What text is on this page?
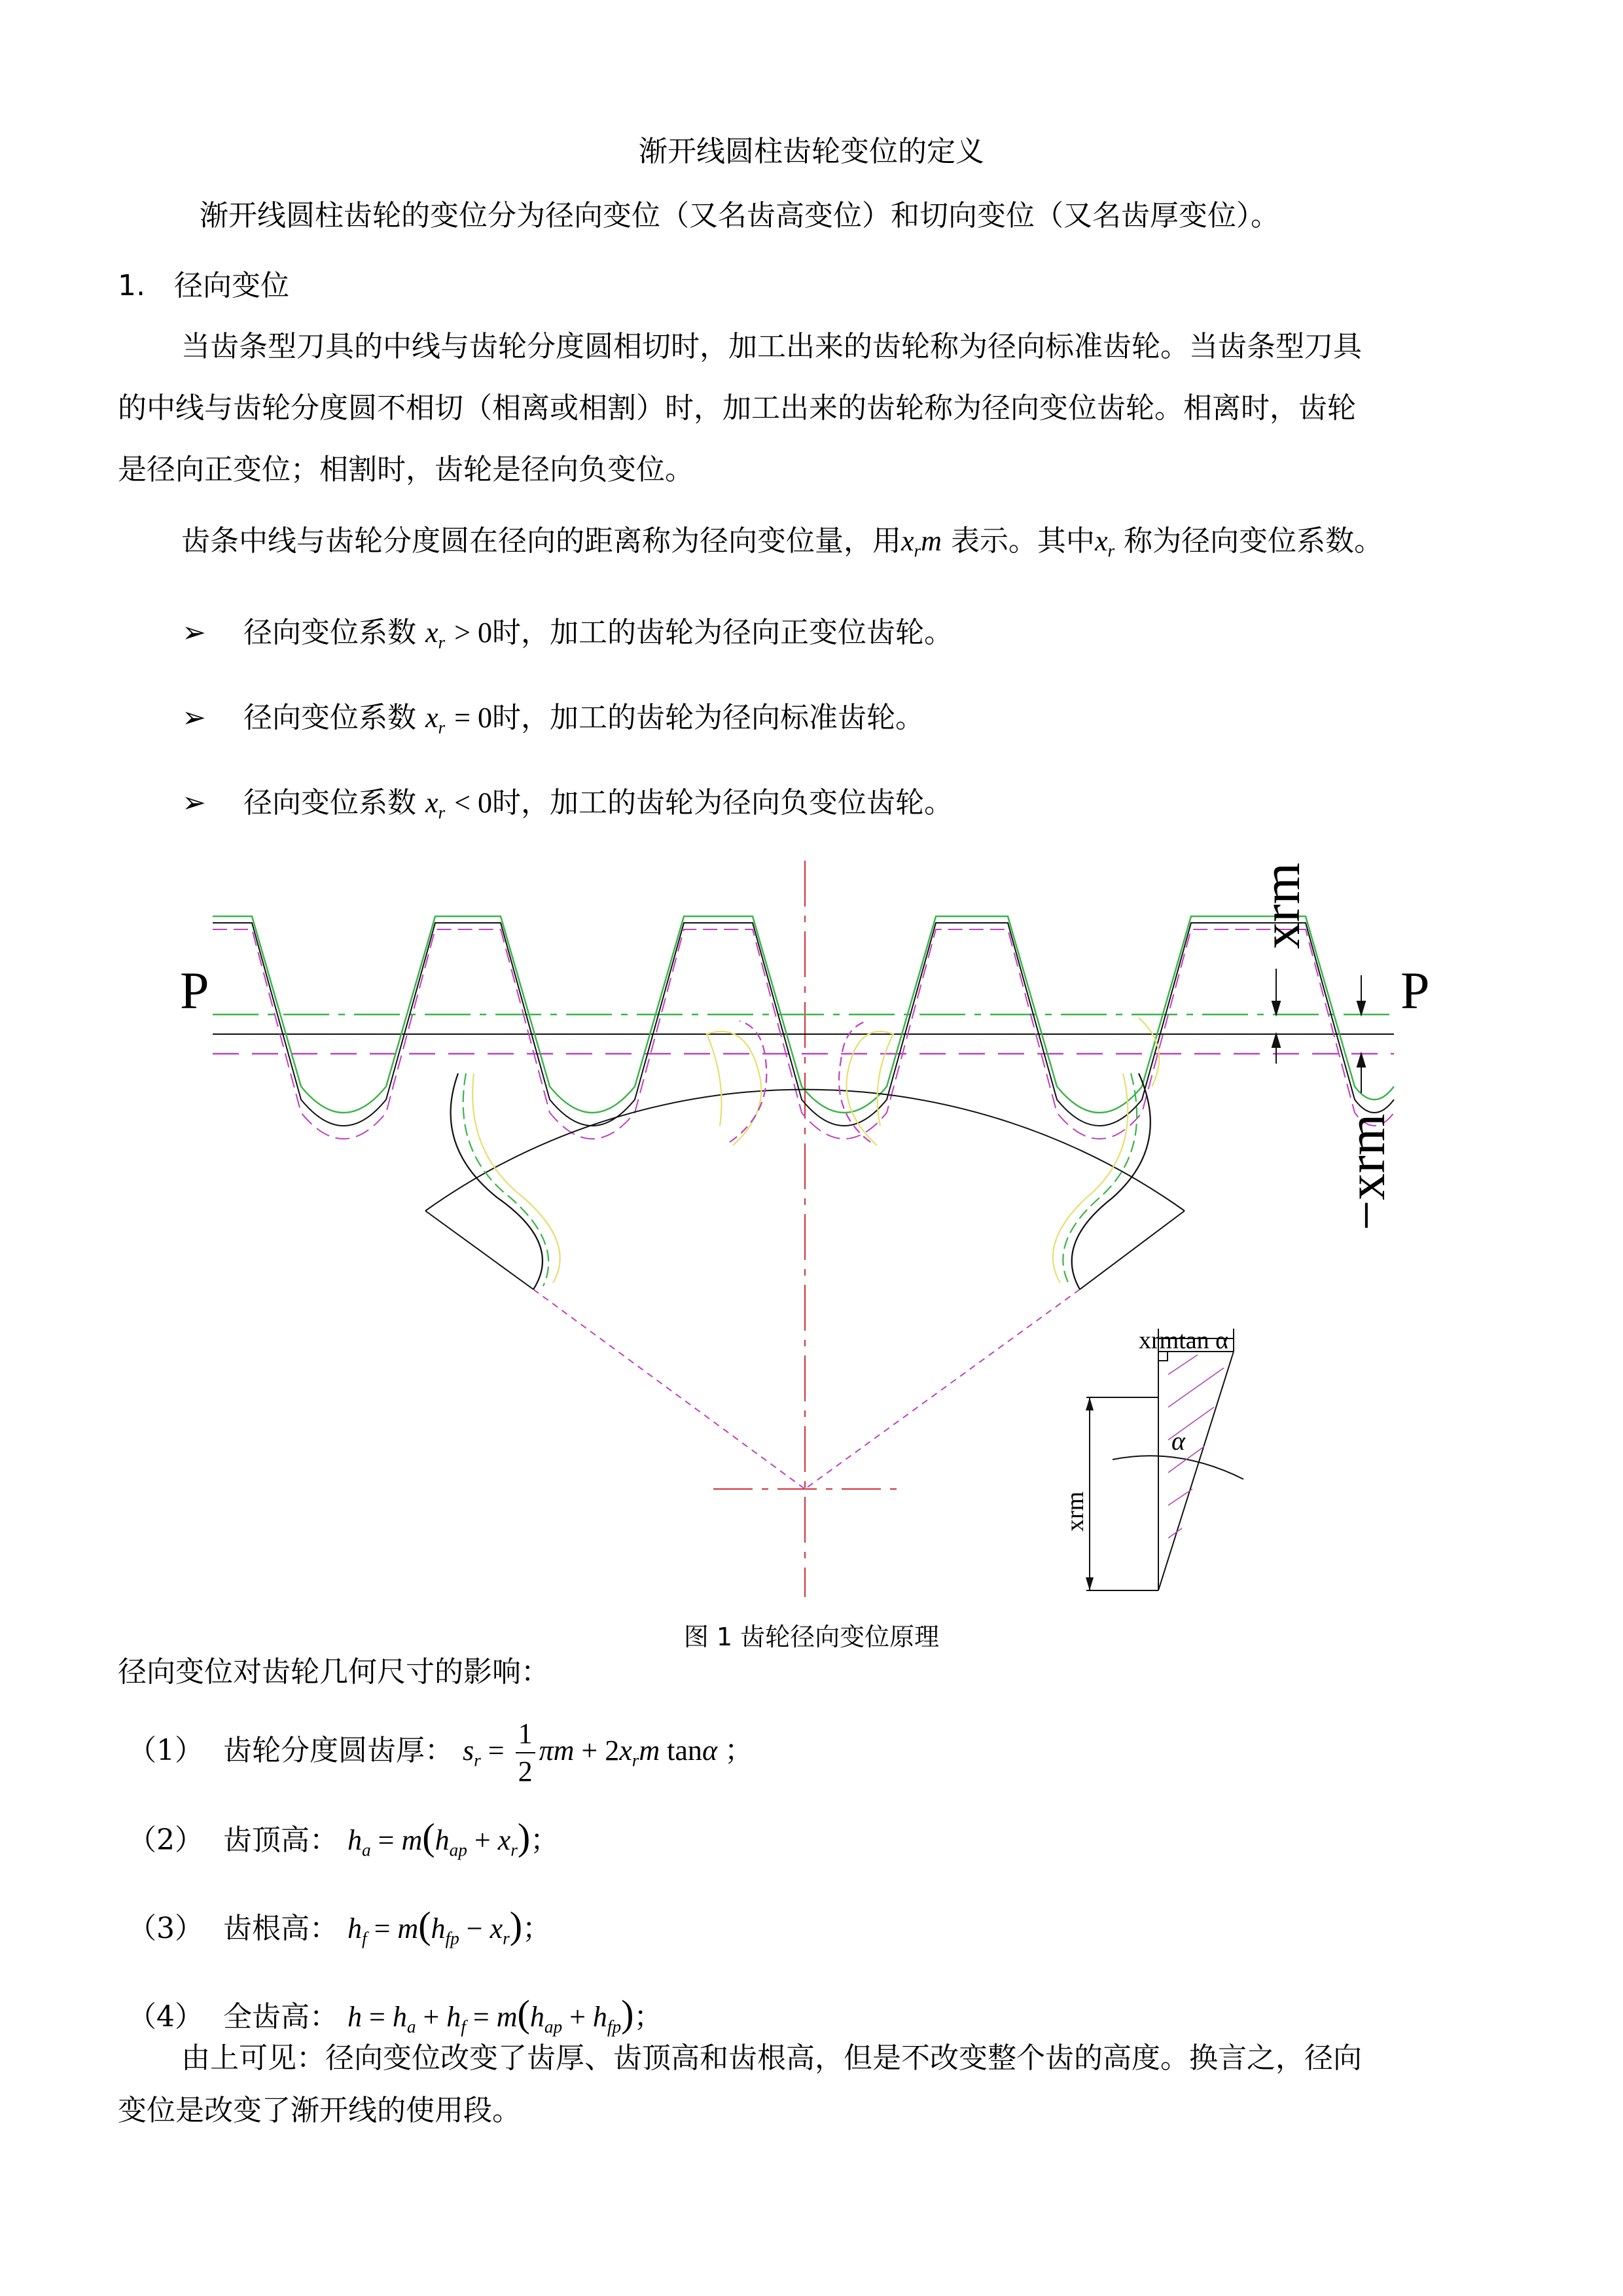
渐开线圆柱齿轮变位的定义
渐开线圆柱齿轮的变位分为径向变位（又名齿高变位）和切向变位（又名齿厚变位）。
1. 径向变位
当齿条型刀具的中线与齿轮分度圆相切时，加工出来的齿轮称为径向标准齿轮。当齿条型刀具
的中线与齿轮分度圆不相切（相离或相割）时，加工出来的齿轮称为径向变位齿轮。相离时，齿轮
是径向正变位；相割时，齿轮是径向负变位。
齿条中线与齿轮分度圆在径向的距离称为径向变位量，用$x_rm$ 表示。其中$x_r$ 称为径向变位系数。
➢ 径向变位系数 $x_r > 0$时，加工的齿轮为径向正变位齿轮。
➢ 径向变位系数 $x_r = 0$时，加工的齿轮为径向标准齿轮。
➢ 径向变位系数 $x_r < 0$时，加工的齿轮为径向负变位齿轮。
P	P
xrm
−xrm
xrmtan α
α
xrm
图 1 齿轮径向变位原理
径向变位对齿轮几何尺寸的影响：
（1） 齿轮分度圆齿厚： $s_r = \frac{1}{2}$ $\pi m + 2x_rm$ tanα ；
（2） 齿顶高： $h_a = m(h_{ap} + x_r)$；
（3） 齿根高： $h_f = m(h_{fp} - x_r)$；
（4） 全齿高： $h = h_a + h_f = m(h_{ap} + h_{fp})$；
由上可见：径向变位改变了齿厚、齿顶高和齿根高，但是不改变整个齿的高度。换言之，径向
变位是改变了渐开线的使用段。
